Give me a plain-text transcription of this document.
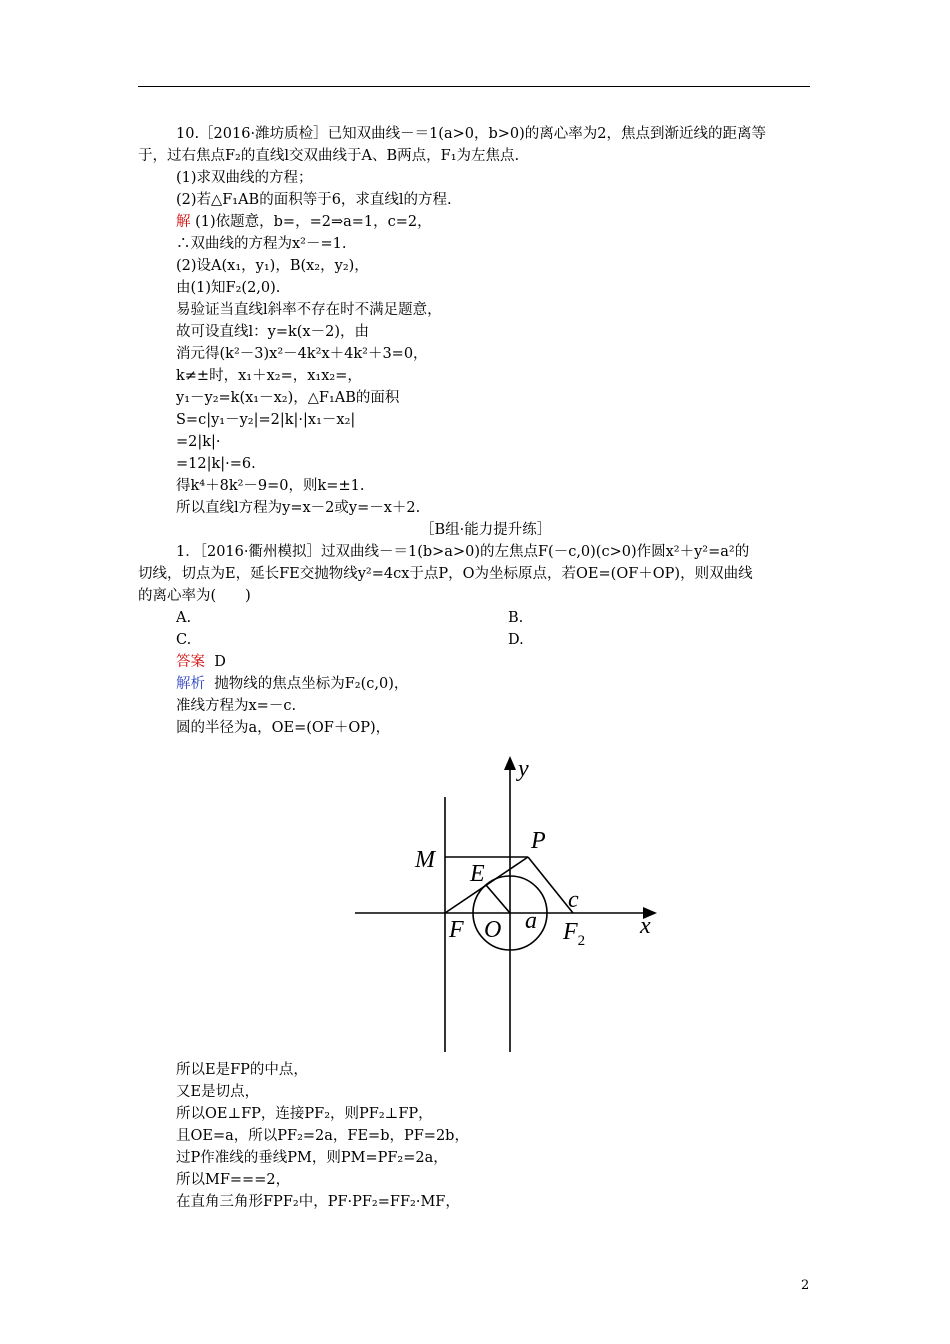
10.［2016·潍坊质检］已知双曲线－＝1(a>0，b>0)的离心率为2，焦点到渐近线的距离等
于，过右焦点F₂的直线l交双曲线于A、B两点，F₁为左焦点.
(1)求双曲线的方程；
(2)若△F₁AB的面积等于6，求直线l的方程.
解 (1)依题意，b=，=2⇒a=1，c=2，
∴双曲线的方程为x²－=1.
(2)设A(x₁，y₁)，B(x₂，y₂)，
由(1)知F₂(2,0).
易验证当直线l斜率不存在时不满足题意，
故可设直线l：y=k(x－2)，由
消元得(k²－3)x²－4k²x＋4k²＋3=0，
k≠±时，x₁＋x₂=，x₁x₂=，
y₁－y₂=k(x₁－x₂)，△F₁AB的面积
S=c|y₁－y₂|=2|k|·|x₁－x₂|
=2|k|·
=12|k|·=6.
得k⁴＋8k²－9=0，则k=±1.
所以直线l方程为y=x－2或y=－x＋2.
［B组·能力提升练］
1．［2016·衢州模拟］过双曲线－＝1(b>a>0)的左焦点F(－c,0)(c>0)作圆x²＋y²=a²的
切线，切点为E，延长FE交抛物线y²=4cx于点P，O为坐标原点，若OE=(OF＋OP)，则双曲线
的离心率为(　　)
A.	B.
C.	D.
答案 D
解析 抛物线的焦点坐标为F₂(c,0)，
准线方程为x=－c.
圆的半径为a，OE=(OF＋OP)，
y
x
P
M
E
F O a
c
$F_2$
所以E是FP的中点，
又E是切点，
所以OE⊥FP，连接PF₂，则PF₂⊥FP，
且OE=a，所以PF₂=2a，FE=b，PF=2b，
过P作准线的垂线PM，则PM=PF₂=2a，
所以MF===2，
在直角三角形FPF₂中，PF·PF₂=FF₂·MF，
2
